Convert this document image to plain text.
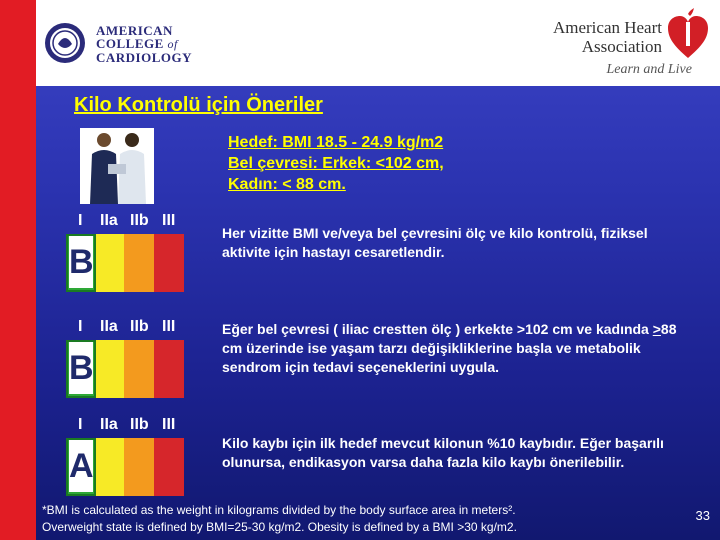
AMERICAN
COLLEGE of
CARDIOLOGY
American Heart
Association
Learn and Live
Kilo Kontrolü için Öneriler
Hedef: BMI 18.5 - 24.9 kg/m2
Bel çevresi: Erkek: <102 cm,
Kadın: < 88 cm.
I IIa IIb III
B
Her vizitte BMI ve/veya bel çevresini ölç ve kilo kontrolü, fiziksel aktivite için hastayı cesaretlendir.
I IIa IIb III
B
Eğer bel çevresi ( iliac crestten ölç ) erkekte >102 cm ve kadında >88 cm üzerinde ise yaşam tarzı değişikliklerine başla ve metabolik sendrom için tedavi seçeneklerini uygula.
I IIa IIb III
A
Kilo kaybı için ilk hedef mevcut kilonun %10 kaybıdır. Eğer başarılı olunursa, endikasyon varsa daha fazla kilo kaybı önerilebilir.
*BMI is calculated as the weight in kilograms divided by the body surface area in meters².
Overweight state is defined by BMI=25-30 kg/m2. Obesity is defined by a BMI >30 kg/m2.
33
